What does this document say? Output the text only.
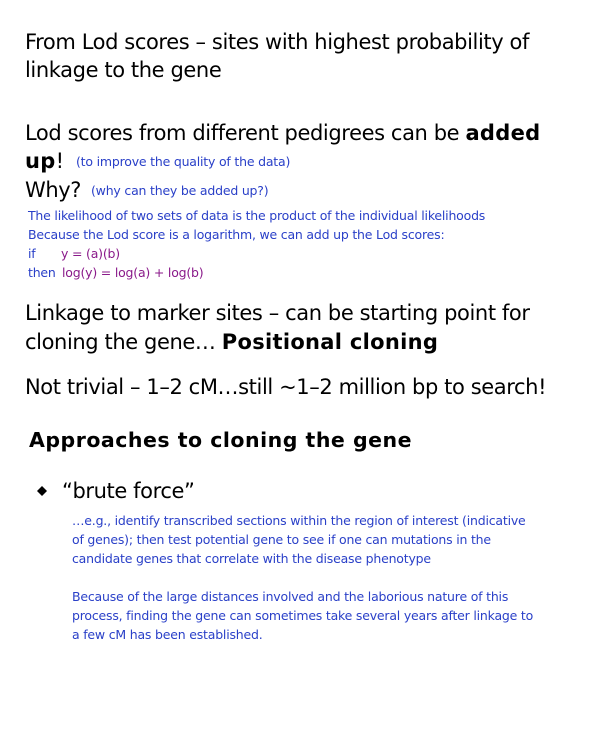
From Lod scores – sites with highest probability of
linkage to the gene
Lod scores from different pedigrees can be added
up! (to improve the quality of the data)
Why? (why can they be added up?)
The likelihood of two sets of data is the product of the individual likelihoods
Because the Lod score is a logarithm, we can add up the Lod scores:
if y = (a)(b)
then log(y) = log(a) + log(b)
Linkage to marker sites – can be starting point for
cloning the gene… Positional cloning
Not trivial – 1–2 cM…still ~1–2 million bp to search!
Approaches to cloning the gene
“brute force”
…e.g., identify transcribed sections within the region of interest (indicative
of genes); then test potential gene to see if one can mutations in the
candidate genes that correlate with the disease phenotype
Because of the large distances involved and the laborious nature of this
process, finding the gene can sometimes take several years after linkage to
a few cM has been established.
